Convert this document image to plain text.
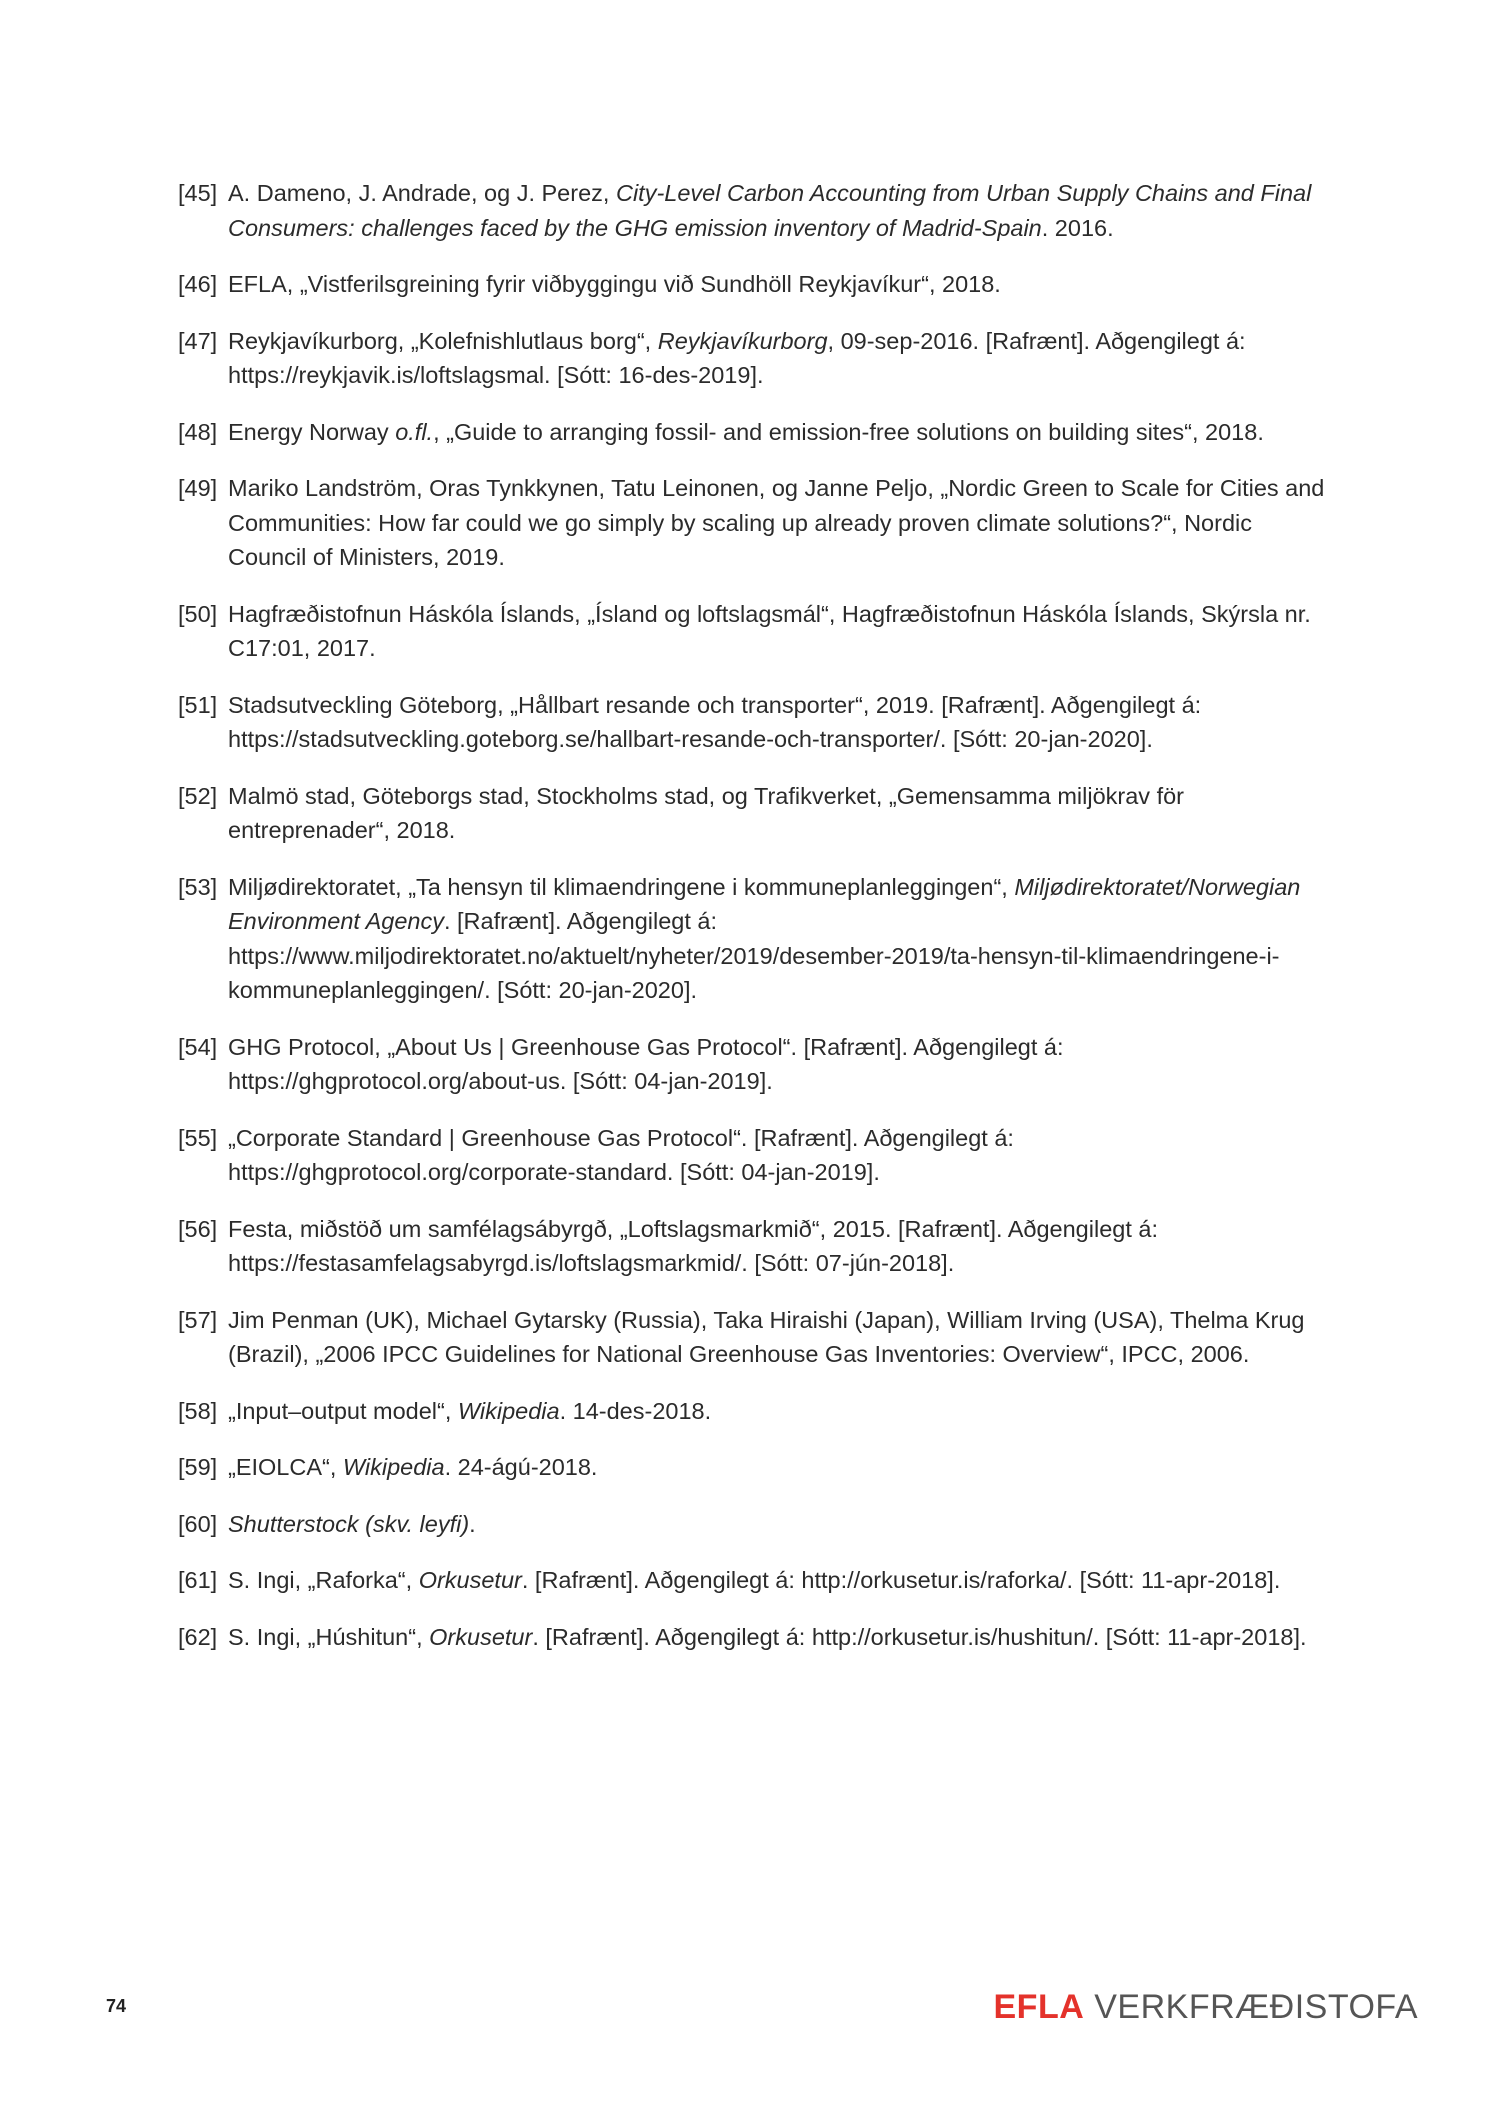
[45] A. Dameno, J. Andrade, og J. Perez, City-Level Carbon Accounting from Urban Supply Chains and Final Consumers: challenges faced by the GHG emission inventory of Madrid-Spain. 2016.
[46] EFLA, „Vistferilsgreining fyrir viðbyggingu við Sundhöll Reykjavíkur“, 2018.
[47] Reykjavíkurborg, „Kolefnishlutlaus borg“, Reykjavíkurborg, 09-sep-2016. [Rafrænt]. Aðgengilegt á: https://reykjavik.is/loftslagsmal. [Sótt: 16-des-2019].
[48] Energy Norway o.fl., „Guide to arranging fossil- and emission-free solutions on building sites“, 2018.
[49] Mariko Landström, Oras Tynkkynen, Tatu Leinonen, og Janne Peljo, „Nordic Green to Scale for Cities and Communities: How far could we go simply by scaling up already proven climate solutions?“, Nordic Council of Ministers, 2019.
[50] Hagfræðistofnun Háskóla Íslands, „Ísland og loftslagsmál“, Hagfræðistofnun Háskóla Íslands, Skýrsla nr. C17:01, 2017.
[51] Stadsutveckling Göteborg, „Hållbart resande och transporter“, 2019. [Rafrænt]. Aðgengilegt á: https://stadsutveckling.goteborg.se/hallbart-resande-och-transporter/. [Sótt: 20-jan-2020].
[52] Malmö stad, Göteborgs stad, Stockholms stad, og Trafikverket, „Gemensamma miljökrav för entreprenader“, 2018.
[53] Miljødirektoratet, „Ta hensyn til klimaendringene i kommuneplanleggingen“, Miljødirektoratet/Norwegian Environment Agency. [Rafrænt]. Aðgengilegt á: https://www.miljodirektoratet.no/aktuelt/nyheter/2019/desember-2019/ta-hensyn-til-klimaendringene-i-kommuneplanleggingen/. [Sótt: 20-jan-2020].
[54] GHG Protocol, „About Us | Greenhouse Gas Protocol“. [Rafrænt]. Aðgengilegt á: https://ghgprotocol.org/about-us. [Sótt: 04-jan-2019].
[55] „Corporate Standard | Greenhouse Gas Protocol“. [Rafrænt]. Aðgengilegt á: https://ghgprotocol.org/corporate-standard. [Sótt: 04-jan-2019].
[56] Festa, miðstöð um samfélagsábyrgð, „Loftslagsmarkmið“, 2015. [Rafrænt]. Aðgengilegt á: https://festasamfelagsabyrgd.is/loftslagsmarkmid/. [Sótt: 07-jún-2018].
[57] Jim Penman (UK), Michael Gytarsky (Russia), Taka Hiraishi (Japan), William Irving (USA), Thelma Krug (Brazil), „2006 IPCC Guidelines for National Greenhouse Gas Inventories: Overview“, IPCC, 2006.
[58] „Input–output model“, Wikipedia. 14-des-2018.
[59] „EIOLCA“, Wikipedia. 24-ágú-2018.
[60] Shutterstock (skv. leyfi).
[61] S. Ingi, „Raforka“, Orkusetur. [Rafrænt]. Aðgengilegt á: http://orkusetur.is/raforka/. [Sótt: 11-apr-2018].
[62] S. Ingi, „Húshitun“, Orkusetur. [Rafrænt]. Aðgengilegt á: http://orkusetur.is/hushitun/. [Sótt: 11-apr-2018].
74	EFLA VERKFRÆÐISTOFA
